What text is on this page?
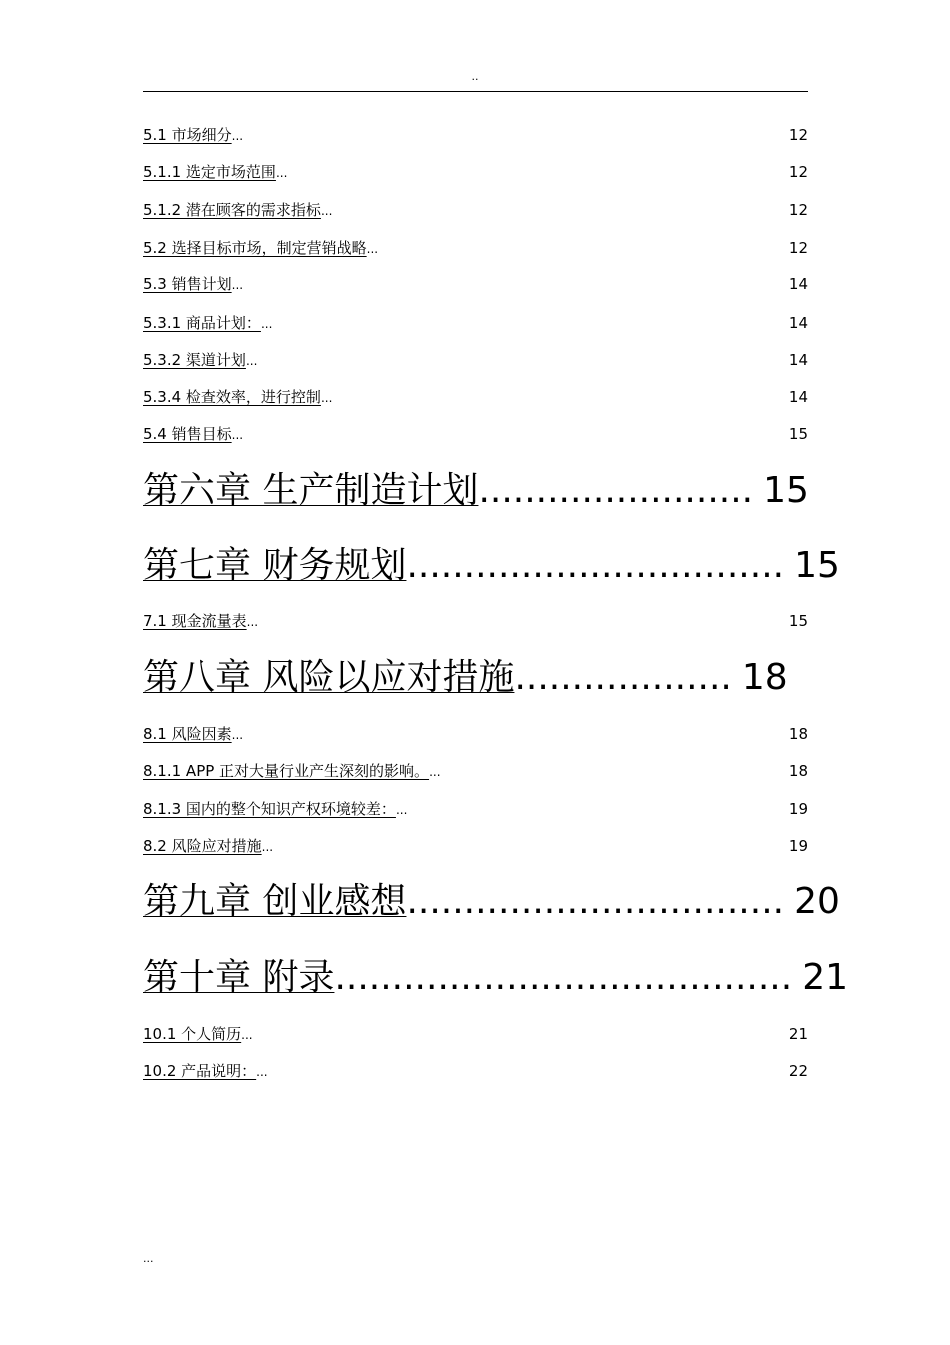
..
5.1 市场细分 ...	12
5.1.1 选定市场范围 ...	12
5.1.2 潜在顾客的需求指标 ...	12
5.2 选择目标市场，制定营销战略 ...	12
5.3 销售计划 ...	14
5.3.1 商品计划： ...	14
5.3.2 渠道计划 ...	14
5.3.4 检查效率，进行控制 ...	14
5.4 销售目标 ...	15
第六章 生产制造计划 ........................ 15
第七章 财务规划 ................................. 15
7.1 现金流量表 ...	15
第八章 风险以应对措施 ................... 18
8.1 风险因素 ...	18
8.1.1 APP 正对大量行业产生深刻的影响。 ...	18
8.1.3 国内的整个知识产权环境较差： ...	19
8.2 风险应对措施 ...	19
第九章 创业感想 ................................. 20
第十章 附录 ........................................ 21
10.1 个人简历 ...	21
10.2 产品说明： ...	22
...
